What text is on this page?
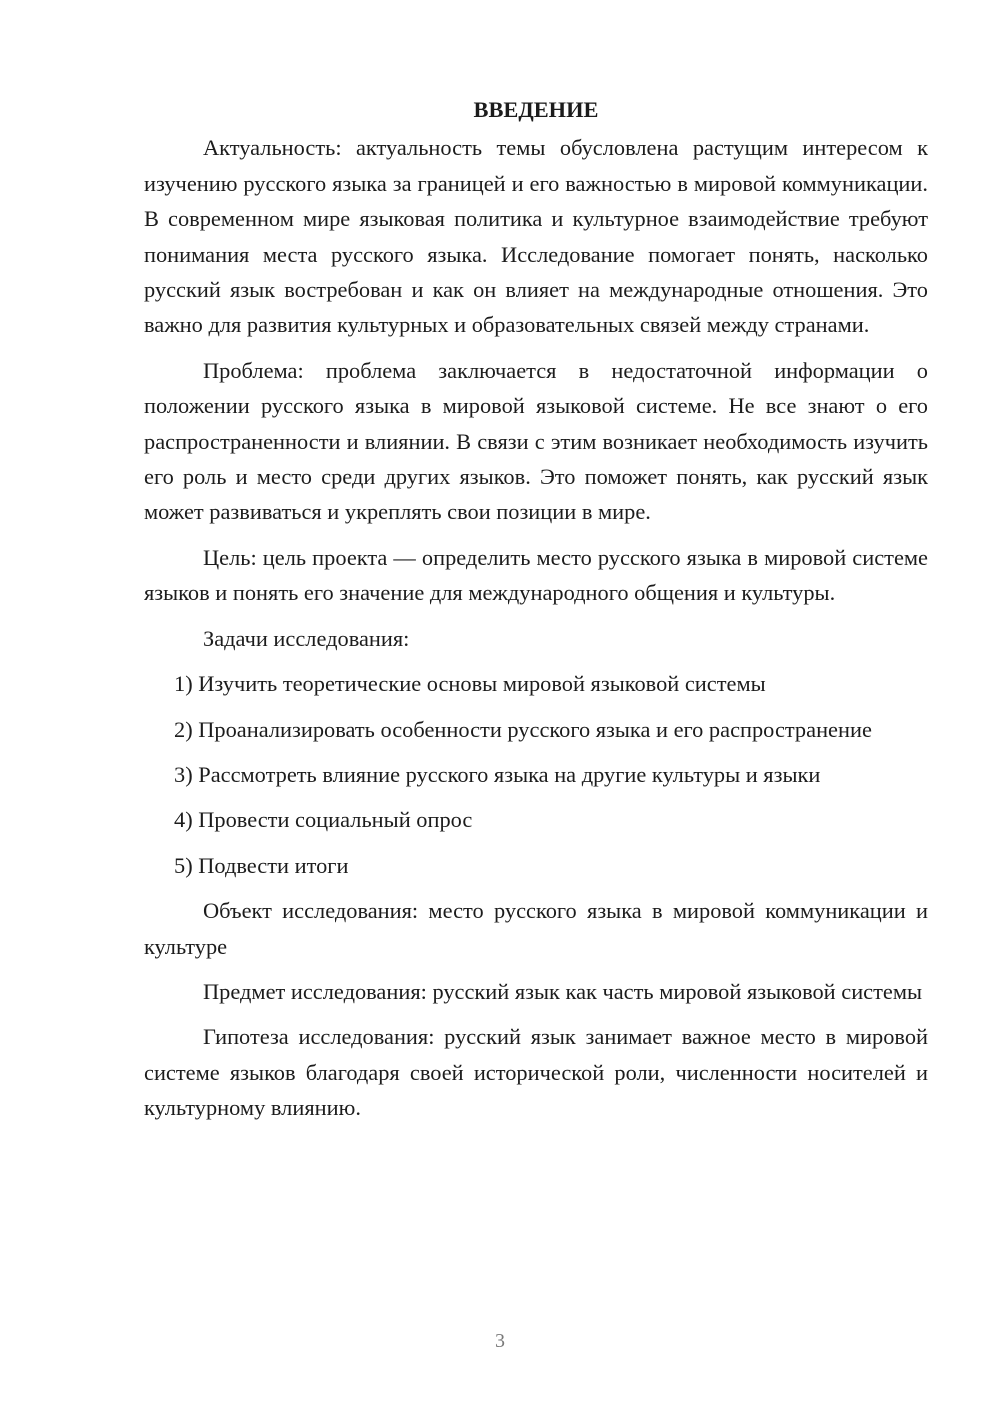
ВВЕДЕНИЕ

Актуальность: актуальность темы обусловлена растущим интересом к изучению русского языка за границей и его важностью в мировой коммуникации. В современном мире языковая политика и культурное взаимодействие требуют понимания места русского языка. Исследование помогает понять, насколько русский язык востребован и как он влияет на международные отношения. Это важно для развития культурных и образовательных связей между странами.

Проблема: проблема заключается в недостаточной информации о положении русского языка в мировой языковой системе. Не все знают о его распространенности и влиянии. В связи с этим возникает необходимость изучить его роль и место среди других языков. Это поможет понять, как русский язык может развиваться и укреплять свои позиции в мире.

Цель: цель проекта — определить место русского языка в мировой системе языков и понять его значение для международного общения и культуры.

Задачи исследования:

1) Изучить теоретические основы мировой языковой системы

2) Проанализировать особенности русского языка и его распространение

3) Рассмотреть влияние русского языка на другие культуры и языки

4) Провести социальный опрос

5) Подвести итоги

Объект исследования: место русского языка в мировой коммуникации и культуре

Предмет исследования: русский язык как часть мировой языковой системы

Гипотеза исследования: русский язык занимает важное место в мировой системе языков благодаря своей исторической роли, численности носителей и культурному влиянию.

3
